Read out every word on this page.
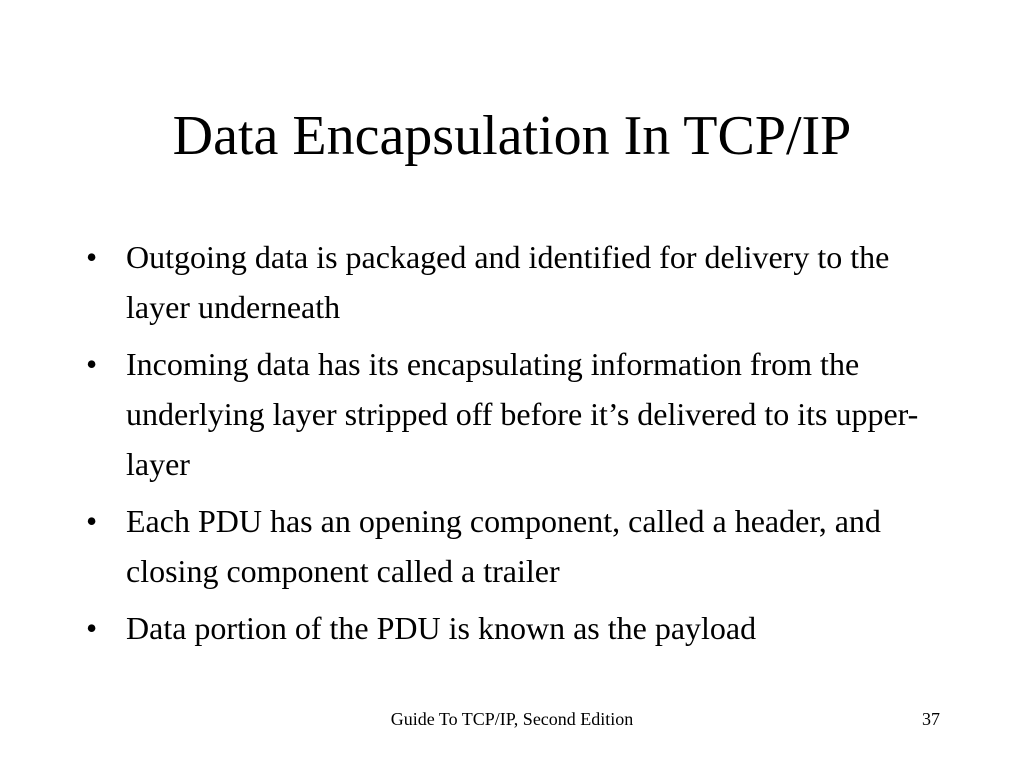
Data Encapsulation In TCP/IP
• Outgoing data is packaged and identified for delivery to the layer underneath
• Incoming data has its encapsulating information from the underlying layer stripped off before it’s delivered to its upper-layer
• Each PDU has an opening component, called a header, and closing component called a trailer
• Data portion of the PDU is known as the payload
Guide To TCP/IP, Second Edition	37
